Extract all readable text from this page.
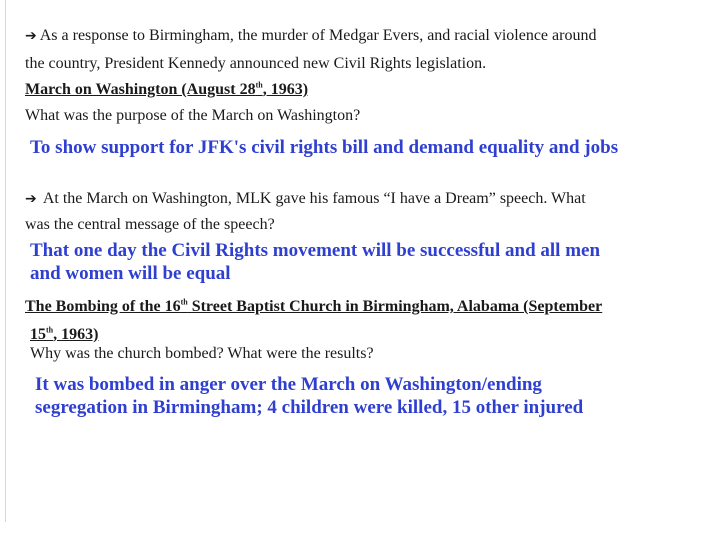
➔ As a response to Birmingham, the murder of Medgar Evers, and racial violence around
the country, President Kennedy announced new Civil Rights legislation.
March on Washington (August 28th, 1963)
What was the purpose of the March on Washington?
To show support for JFK's civil rights bill and demand equality and jobs
➔ At the March on Washington, MLK gave his famous “I have a Dream” speech. What
was the central message of the speech?
That one day the Civil Rights movement will be successful and all men
and women will be equal
The Bombing of the 16th Street Baptist Church in Birmingham, Alabama (September
15th, 1963)
Why was the church bombed? What were the results?
It was bombed in anger over the March on Washington/ending
segregation in Birmingham; 4 children were killed, 15 other injured
